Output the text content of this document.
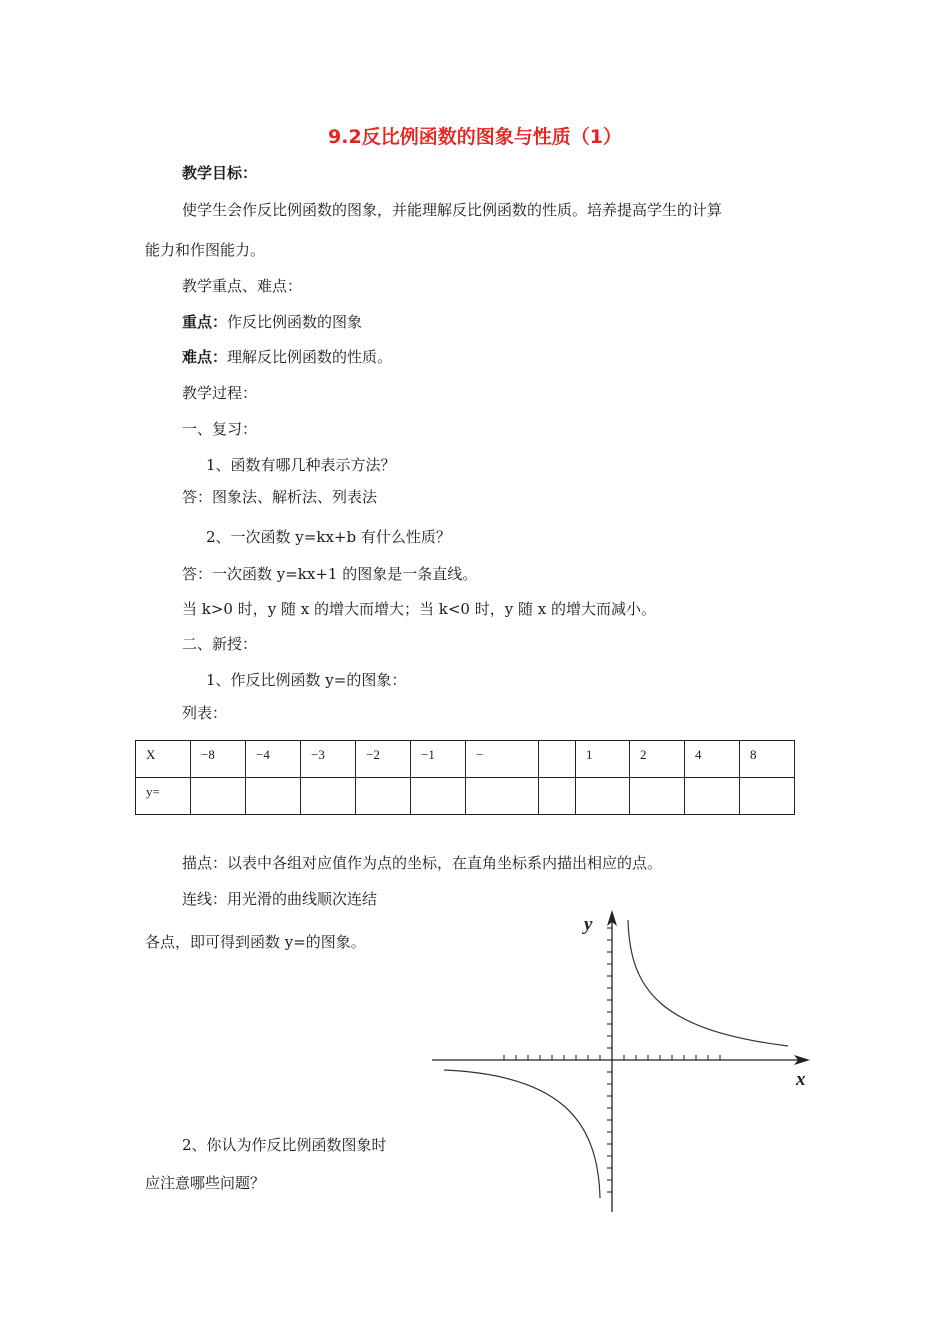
9.2反比例函数的图象与性质（1）
教学目标：
使学生会作反比例函数的图象，并能理解反比例函数的性质。培养提高学生的计算
能力和作图能力。
教学重点、难点：
重点：作反比例函数的图象
难点：理解反比例函数的性质。
教学过程：
一、复习：
1、函数有哪几种表示方法？
答：图象法、解析法、列表法
2、一次函数 y=kx+b 有什么性质？
答：一次函数 y=kx+1 的图象是一条直线。
当 k>0 时，y 随 x 的增大而增大；当 k<0 时，y 随 x 的增大而减小。
二、新授：
1、作反比例函数 y=的图象：
列表：
X	−8	−4	−3	−2	−1	−		1	2	4	8
y=											
描点：以表中各组对应值作为点的坐标，在直角坐标系内描出相应的点。
连线：用光滑的曲线顺次连结
各点，即可得到函数 y=的图象。
2、你认为作反比例函数图象时
应注意哪些问题？
x
y
